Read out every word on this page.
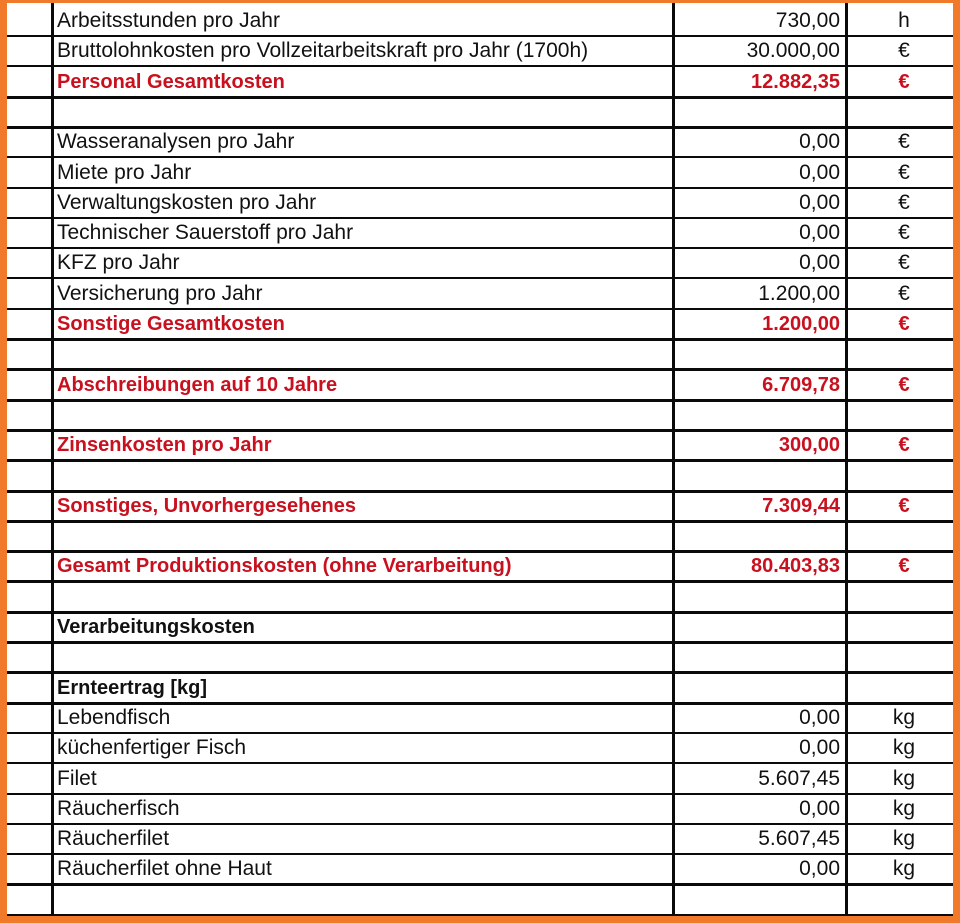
Arbeitsstunden pro Jahr	730,00	h
Bruttolohnkosten pro Vollzeitarbeitskraft pro Jahr (1700h)	30.000,00	€
Personal Gesamtkosten	12.882,35	€
Wasseranalysen pro Jahr	0,00	€
Miete pro Jahr	0,00	€
Verwaltungskosten pro Jahr	0,00	€
Technischer Sauerstoff pro Jahr	0,00	€
KFZ pro Jahr	0,00	€
Versicherung pro Jahr	1.200,00	€
Sonstige Gesamtkosten	1.200,00	€
Abschreibungen auf 10 Jahre	6.709,78	€
Zinsenkosten pro Jahr	300,00	€
Sonstiges, Unvorhergesehenes	7.309,44	€
Gesamt Produktionskosten (ohne Verarbeitung)	80.403,83	€
Verarbeitungskosten
Ernteertrag [kg]
Lebendfisch	0,00	kg
küchenfertiger Fisch	0,00	kg
Filet	5.607,45	kg
Räucherfisch	0,00	kg
Räucherfilet	5.607,45	kg
Räucherfilet ohne Haut	0,00	kg
